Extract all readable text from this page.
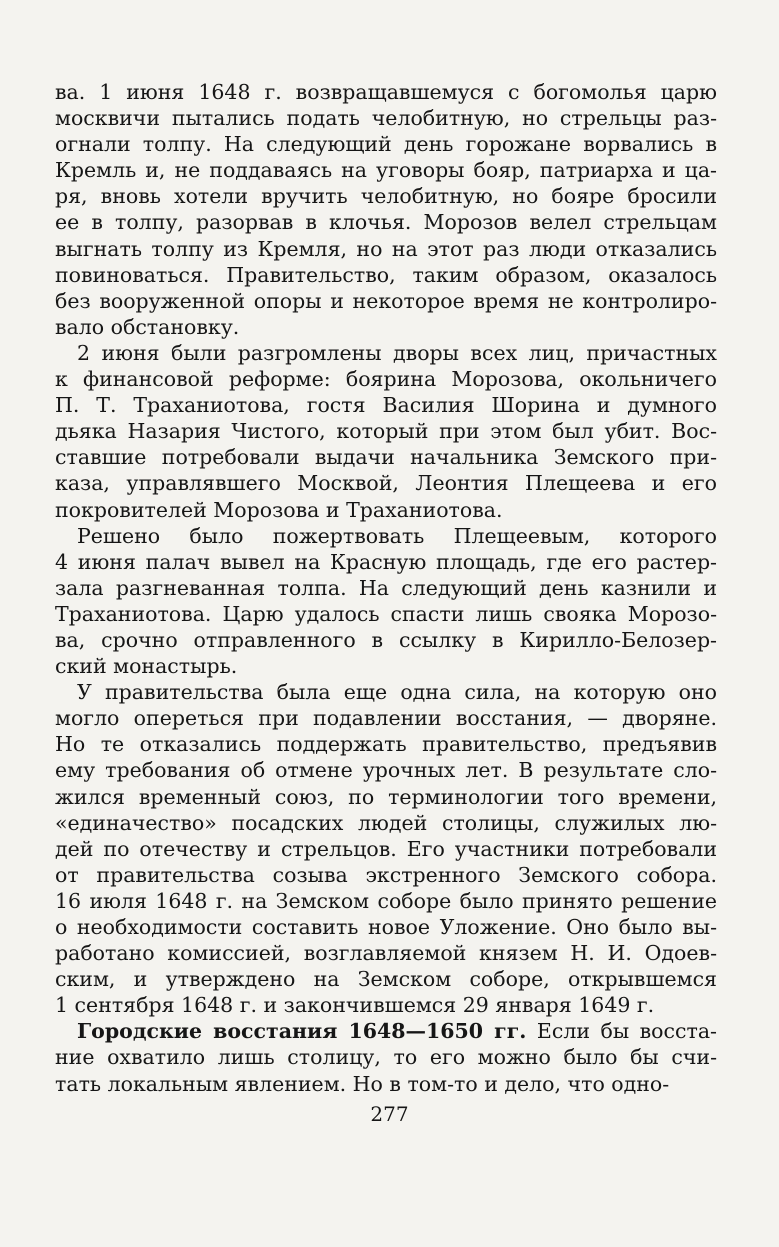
ва. 1 июня 1648 г. возвращавшемуся с богомолья царю
москвичи пытались подать челобитную, но стрельцы раз-
огнали толпу. На следующий день горожане ворвались в
Кремль и, не поддаваясь на уговоры бояр, патриарха и ца-
ря, вновь хотели вручить челобитную, но бояре бросили
ее в толпу, разорвав в клочья. Морозов велел стрельцам
выгнать толпу из Кремля, но на этот раз люди отказались
повиноваться. Правительство, таким образом, оказалось
без вооруженной опоры и некоторое время не контролиро-
вало обстановку.
2 июня были разгромлены дворы всех лиц, причастных
к финансовой реформе: боярина Морозова, окольничего
П. Т. Траханиотова, гостя Василия Шорина и думного
дьяка Назария Чистого, который при этом был убит. Вос-
ставшие потребовали выдачи начальника Земского при-
каза, управлявшего Москвой, Леонтия Плещеева и его
покровителей Морозова и Траханиотова.
Решено было пожертвовать Плещеевым, которого
4 июня палач вывел на Красную площадь, где его растер-
зала разгневанная толпа. На следующий день казнили и
Траханиотова. Царю удалось спасти лишь свояка Морозо-
ва, срочно отправленного в ссылку в Кирилло-Белозер-
ский монастырь.
У правительства была еще одна сила, на которую оно
могло опереться при подавлении восстания, — дворяне.
Но те отказались поддержать правительство, предъявив
ему требования об отмене урочных лет. В результате сло-
жился временный союз, по терминологии того времени,
«единачество» посадских людей столицы, служилых лю-
дей по отечеству и стрельцов. Его участники потребовали
от правительства созыва экстренного Земского собора.
16 июля 1648 г. на Земском соборе было принято решение
о необходимости составить новое Уложение. Оно было вы-
работано комиссией, возглавляемой князем Н. И. Одоев-
ским, и утверждено на Земском соборе, открывшемся
1 сентября 1648 г. и закончившемся 29 января 1649 г.
Городские восстания 1648—1650 гг. Если бы восста-
ние охватило лишь столицу, то его можно было бы счи-
тать локальным явлением. Но в том-то и дело, что одно-
277
